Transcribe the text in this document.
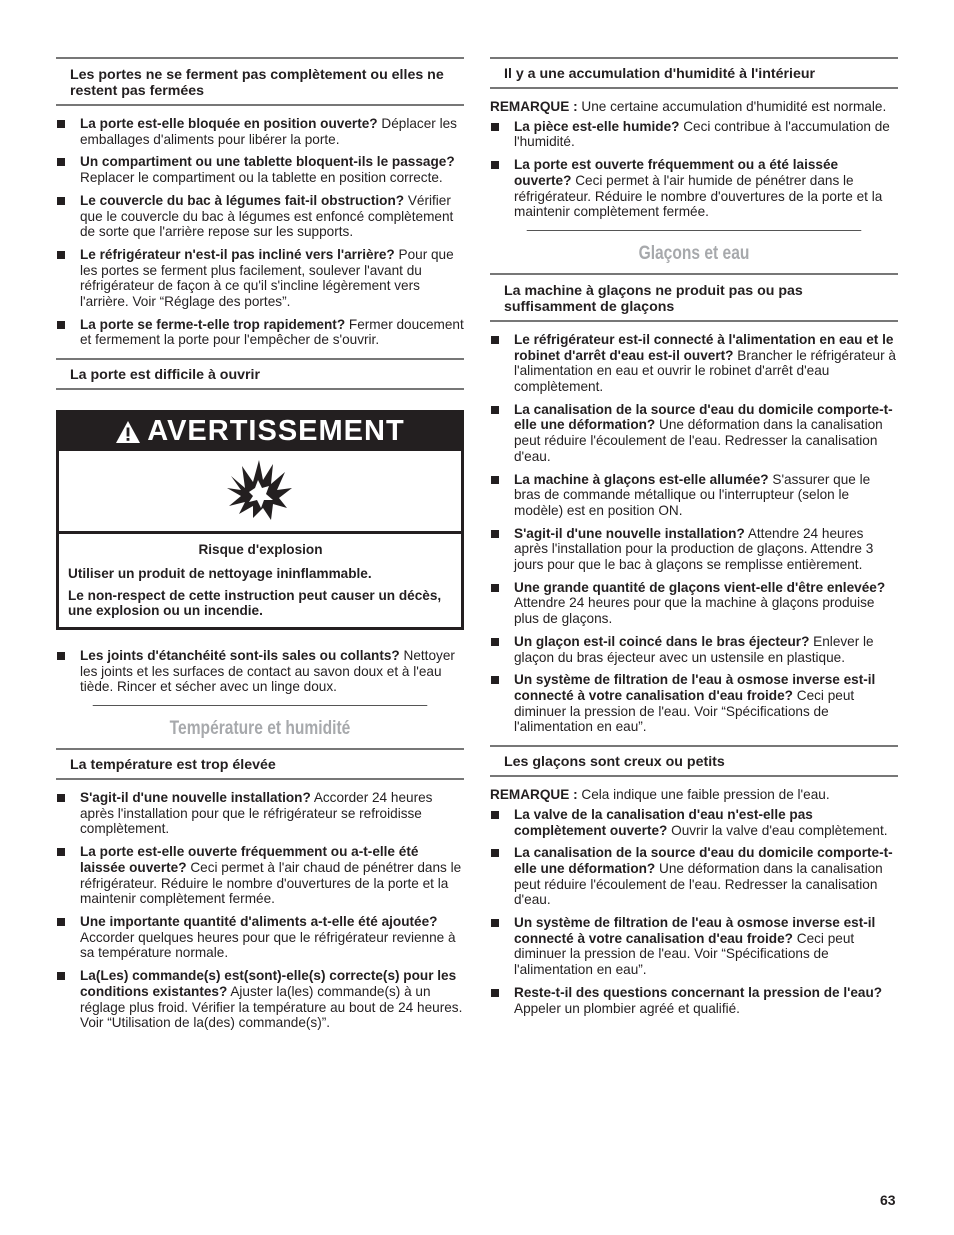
Les portes ne se ferment pas complètement ou elles ne restent pas fermées
La porte est-elle bloquée en position ouverte? Déplacer les emballages d'aliments pour libérer la porte.
Un compartiment ou une tablette bloquent-ils le passage? Replacer le compartiment ou la tablette en position correcte.
Le couvercle du bac à légumes fait-il obstruction? Vérifier que le couvercle du bac à légumes est enfoncé complètement de sorte que l'arrière repose sur les supports.
Le réfrigérateur n'est-il pas incliné vers l'arrière? Pour que les portes se ferment plus facilement, soulever l'avant du réfrigérateur de façon à ce qu'il s'incline légèrement vers l'arrière. Voir “Réglage des portes”.
La porte se ferme-t-elle trop rapidement? Fermer doucement et fermement la porte pour l'empêcher de s'ouvrir.
La porte est difficile à ouvrir
AVERTISSEMENT

Risque d'explosion

Utiliser un produit de nettoyage ininflammable.

Le non-respect de cette instruction peut causer un décès, une explosion ou un incendie.

Les joints d'étanchéité sont-ils sales ou collants? Nettoyer les joints et les surfaces de contact au savon doux et à l'eau tiède. Rincer et sécher avec un linge doux.
Température et humidité
La température est trop élevée
S'agit-il d'une nouvelle installation? Accorder 24 heures après l'installation pour que le réfrigérateur se refroidisse complètement.
La porte est-elle ouverte fréquemment ou a-t-elle été laissée ouverte? Ceci permet à l'air chaud de pénétrer dans le réfrigérateur. Réduire le nombre d'ouvertures de la porte et la maintenir complètement fermée.
Une importante quantité d'aliments a-t-elle été ajoutée? Accorder quelques heures pour que le réfrigérateur revienne à sa température normale.
La(Les) commande(s) est(sont)-elle(s) correcte(s) pour les conditions existantes? Ajuster la(les) commande(s) à un réglage plus froid. Vérifier la température au bout de 24 heures. Voir “Utilisation de la(des) commande(s)”.
Il y a une accumulation d'humidité à l'intérieur

REMARQUE : Une certaine accumulation d'humidité est normale.

La pièce est-elle humide? Ceci contribue à l'accumulation de l'humidité.
La porte est ouverte fréquemment ou a été laissée ouverte? Ceci permet à l'air humide de pénétrer dans le réfrigérateur. Réduire le nombre d'ouvertures de la porte et la maintenir complètement fermée.
Glaçons et eau
La machine à glaçons ne produit pas ou pas suffisamment de glaçons
Le réfrigérateur est-il connecté à l'alimentation en eau et le robinet d'arrêt d'eau est-il ouvert? Brancher le réfrigérateur à l'alimentation en eau et ouvrir le robinet d'arrêt d'eau complètement.
La canalisation de la source d'eau du domicile comporte-t-elle une déformation? Une déformation dans la canalisation peut réduire l'écoulement de l'eau. Redresser la canalisation d'eau.
La machine à glaçons est-elle allumée? S'assurer que le bras de commande métallique ou l'interrupteur (selon le modèle) est en position ON.
S'agit-il d'une nouvelle installation? Attendre 24 heures après l'installation pour la production de glaçons. Attendre 3 jours pour que le bac à glaçons se remplisse entièrement.
Une grande quantité de glaçons vient-elle d'être enlevée? Attendre 24 heures pour que la machine à glaçons produise plus de glaçons.
Un glaçon est-il coincé dans le bras éjecteur? Enlever le glaçon du bras éjecteur avec un ustensile en plastique.
Un système de filtration de l'eau à osmose inverse est-il connecté à votre canalisation d'eau froide? Ceci peut diminuer la pression de l'eau. Voir “Spécifications de l'alimentation en eau”.
Les glaçons sont creux ou petits

REMARQUE : Cela indique une faible pression de l'eau.

La valve de la canalisation d'eau n'est-elle pas complètement ouverte? Ouvrir la valve d'eau complètement.
La canalisation de la source d'eau du domicile comporte-t-elle une déformation? Une déformation dans la canalisation peut réduire l'écoulement de l'eau. Redresser la canalisation d'eau.
Un système de filtration de l'eau à osmose inverse est-il connecté à votre canalisation d'eau froide? Ceci peut diminuer la pression de l'eau. Voir “Spécifications de l'alimentation en eau”.
Reste-t-il des questions concernant la pression de l'eau? Appeler un plombier agréé et qualifié.
63
